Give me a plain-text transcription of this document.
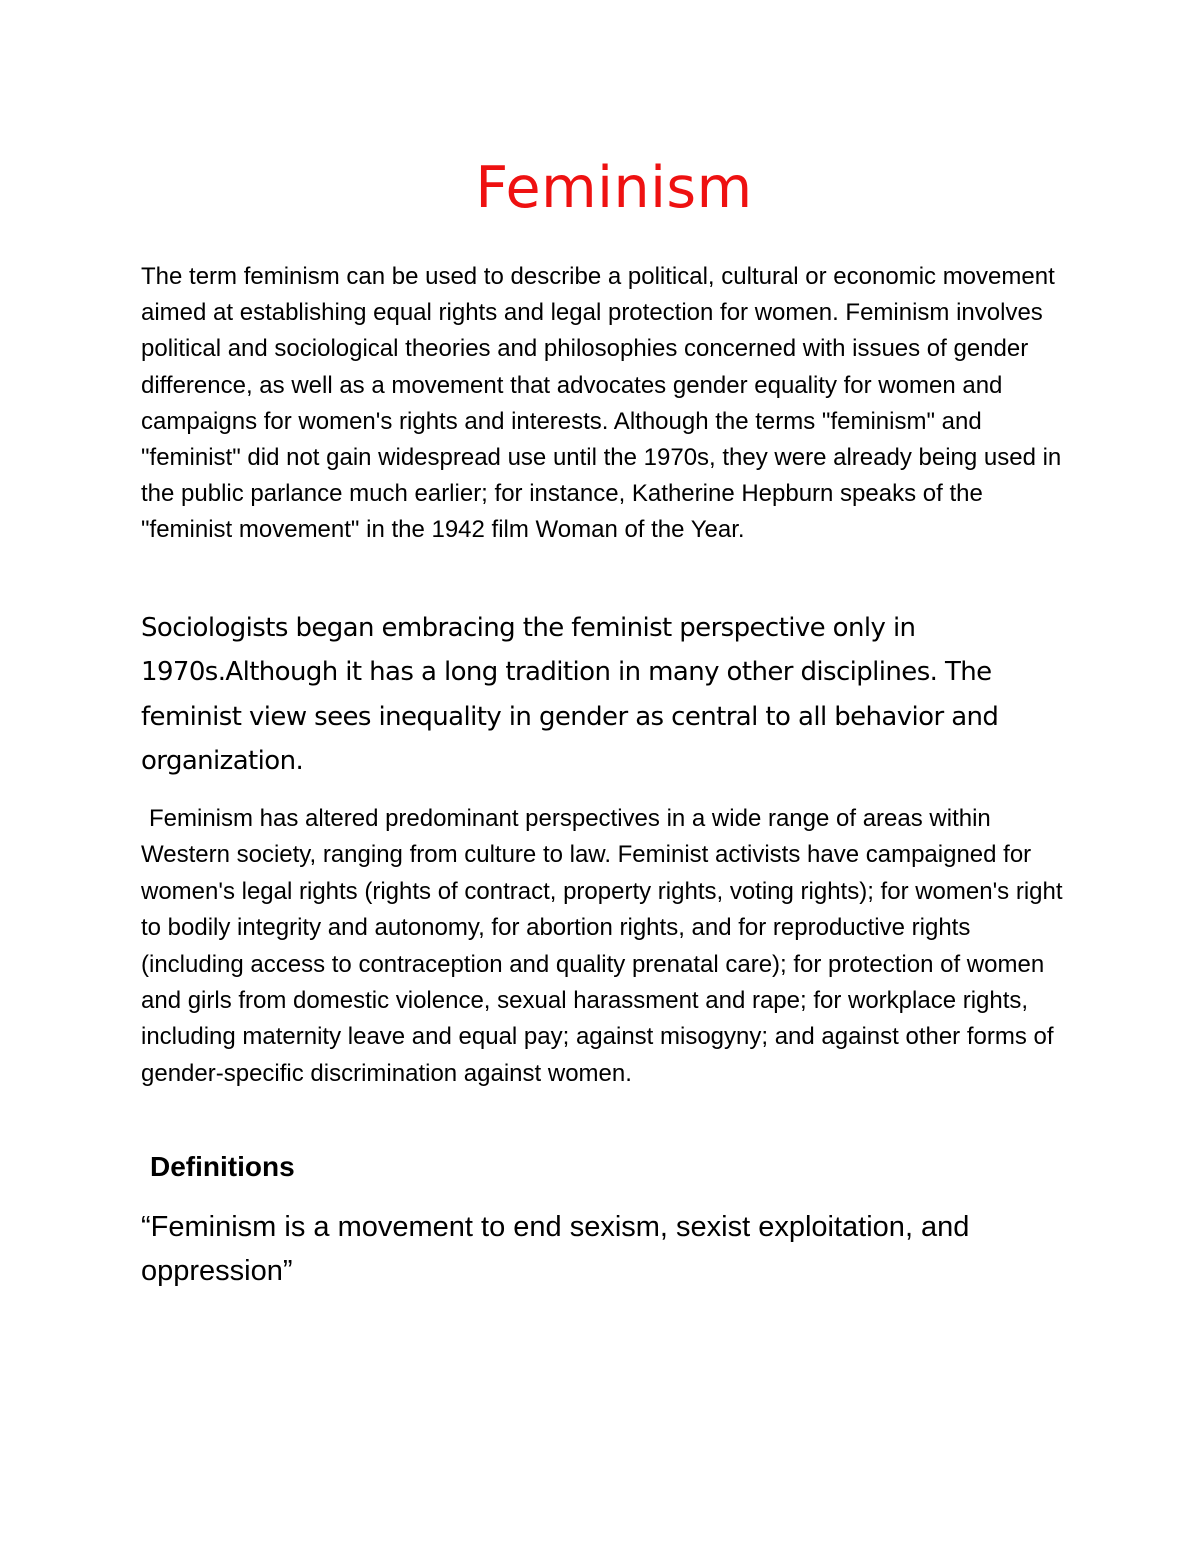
Feminism

The term feminism can be used to describe a political, cultural or economic movement aimed at establishing equal rights and legal protection for women. Feminism involves political and sociological theories and philosophies concerned with issues of gender difference, as well as a movement that advocates gender equality for women and campaigns for women's rights and interests. Although the terms "feminism" and "feminist" did not gain widespread use until the 1970s, they were already being used in the public parlance much earlier; for instance, Katherine Hepburn speaks of the "feminist movement" in the 1942 film Woman of the Year.

Sociologists began embracing the feminist perspective only in 1970s.Although it has a long tradition in many other disciplines. The feminist view sees inequality in gender as central to all behavior and organization.

Feminism has altered predominant perspectives in a wide range of areas within Western society, ranging from culture to law. Feminist activists have campaigned for women's legal rights (rights of contract, property rights, voting rights); for women's right to bodily integrity and autonomy, for abortion rights, and for reproductive rights (including access to contraception and quality prenatal care); for protection of women and girls from domestic violence, sexual harassment and rape; for workplace rights, including maternity leave and equal pay; against misogyny; and against other forms of gender-specific discrimination against women.

Definitions

“Feminism is a movement to end sexism, sexist exploitation, and oppression”
